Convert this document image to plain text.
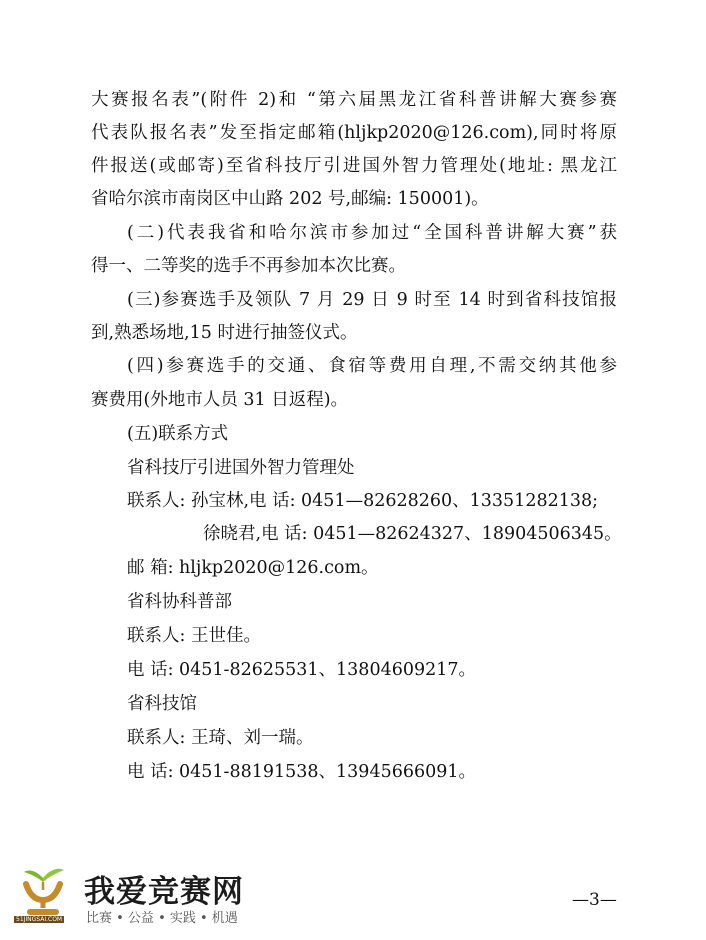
大赛报名表”(附件 2)和 “第六届黑龙江省科普讲解大赛参赛
代表队报名表”发至指定邮箱(hljkp2020@126.com),同时将原
件报送(或邮寄)至省科技厅引进国外智力管理处(地址: 黑龙江
省哈尔滨市南岗区中山路 202 号,邮编: 150001)。
(二)代表我省和哈尔滨市参加过“全国科普讲解大赛”获
得一、二等奖的选手不再参加本次比赛。
(三)参赛选手及领队 7 月 29 日 9 时至 14 时到省科技馆报
到,熟悉场地,15 时进行抽签仪式。
(四)参赛选手的交通、食宿等费用自理,不需交纳其他参
赛费用(外地市人员 31 日返程)。
(五)联系方式
省科技厅引进国外智力管理处
联系人: 孙宝林,电 话: 0451—82628260、13351282138;
徐晓君,电 话: 0451—82624327、18904506345。
邮 箱: hljkp2020@126.com。
省科协科普部
联系人: 王世佳。
电 话: 0451-82625531、13804609217。
省科技馆
联系人: 王琦、刘一瑞。
电 话: 0451-88191538、13945666091。
51JINGSAI.COM
我爱竞赛网
比赛 • 公益 • 实践 • 机遇
—3—
